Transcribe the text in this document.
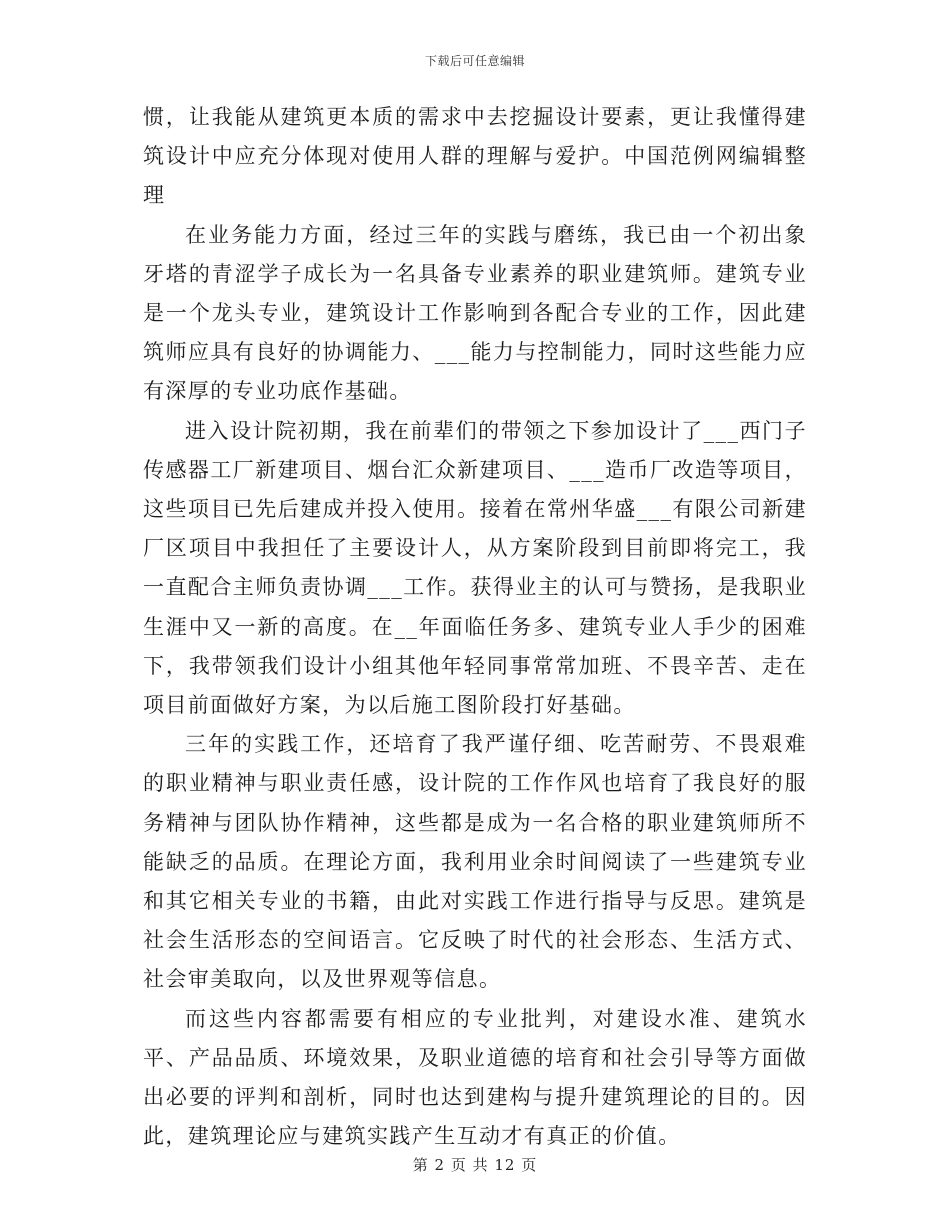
下载后可任意编辑

惯，让我能从建筑更本质的需求中去挖掘设计要素，更让我懂得建筑设计中应充分体现对使用人群的理解与爱护。中国范例网编辑整理

在业务能力方面，经过三年的实践与磨练，我已由一个初出象牙塔的青涩学子成长为一名具备专业素养的职业建筑师。建筑专业是一个龙头专业，建筑设计工作影响到各配合专业的工作，因此建筑师应具有良好的协调能力、___能力与控制能力，同时这些能力应有深厚的专业功底作基础。

进入设计院初期，我在前辈们的带领之下参加设计了___西门子传感器工厂新建项目、烟台汇众新建项目、___造币厂改造等项目，这些项目已先后建成并投入使用。接着在常州华盛___有限公司新建厂区项目中我担任了主要设计人，从方案阶段到目前即将完工，我一直配合主师负责协调___工作。获得业主的认可与赞扬，是我职业生涯中又一新的高度。在__年面临任务多、建筑专业人手少的困难下，我带领我们设计小组其他年轻同事常常加班、不畏辛苦、走在项目前面做好方案，为以后施工图阶段打好基础。

三年的实践工作，还培育了我严谨仔细、吃苦耐劳、不畏艰难的职业精神与职业责任感，设计院的工作作风也培育了我良好的服务精神与团队协作精神，这些都是成为一名合格的职业建筑师所不能缺乏的品质。在理论方面，我利用业余时间阅读了一些建筑专业和其它相关专业的书籍，由此对实践工作进行指导与反思。建筑是社会生活形态的空间语言。它反映了时代的社会形态、生活方式、社会审美取向，以及世界观等信息。

而这些内容都需要有相应的专业批判，对建设水准、建筑水平、产品品质、环境效果，及职业道德的培育和社会引导等方面做出必要的评判和剖析，同时也达到建构与提升建筑理论的目的。因此，建筑理论应与建筑实践产生互动才有真正的价值。

第 2 页 共 12 页
